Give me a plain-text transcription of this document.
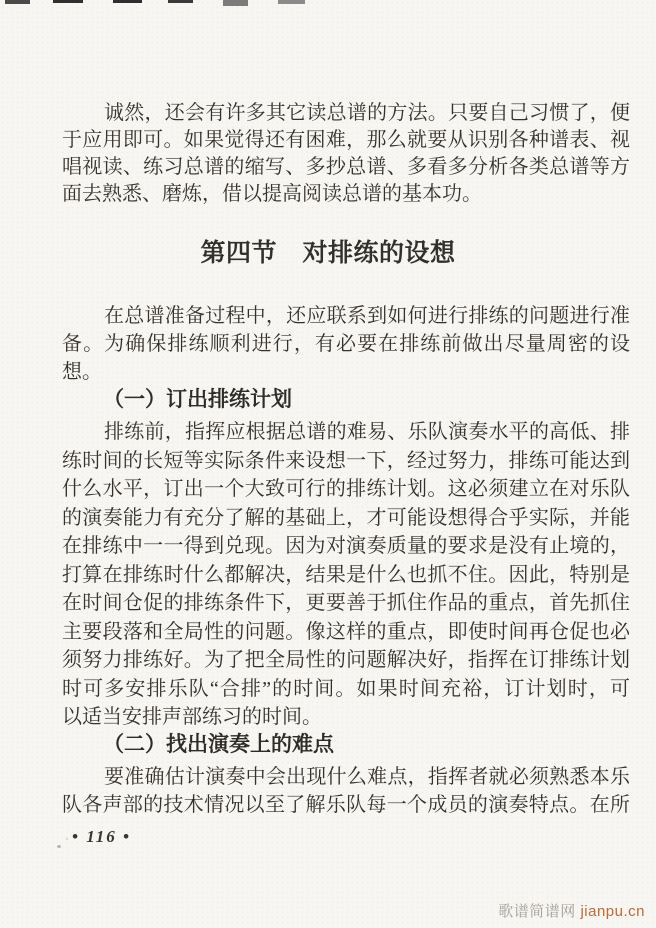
诚然，还会有许多其它读总谱的方法。只要自己习惯了，便
于应用即可。如果觉得还有困难，那么就要从识别各种谱表、视
唱视读、练习总谱的缩写、多抄总谱、多看多分析各类总谱等方
面去熟悉、磨炼，借以提高阅读总谱的基本功。
第四节　对排练的设想
在总谱准备过程中，还应联系到如何进行排练的问题进行准
备。为确保排练顺利进行，有必要在排练前做出尽量周密的设
想。
（一）订出排练计划
排练前，指挥应根据总谱的难易、乐队演奏水平的高低、排
练时间的长短等实际条件来设想一下，经过努力，排练可能达到
什么水平，订出一个大致可行的排练计划。这必须建立在对乐队
的演奏能力有充分了解的基础上，才可能设想得合乎实际，并能
在排练中一一得到兑现。因为对演奏质量的要求是没有止境的，
打算在排练时什么都解决，结果是什么也抓不住。因此，特别是
在时间仓促的排练条件下，更要善于抓住作品的重点，首先抓住
主要段落和全局性的问题。像这样的重点，即使时间再仓促也必
须努力排练好。为了把全局性的问题解决好，指挥在订排练计划
时可多安排乐队“合排”的时间。如果时间充裕，订计划时，可
以适当安排声部练习的时间。
（二）找出演奏上的难点
要准确估计演奏中会出现什么难点，指挥者就必须熟悉本乐
队各声部的技术情况以至了解乐队每一个成员的演奏特点。在所
• 116 •
歌谱简谱网 jianpu.cn
